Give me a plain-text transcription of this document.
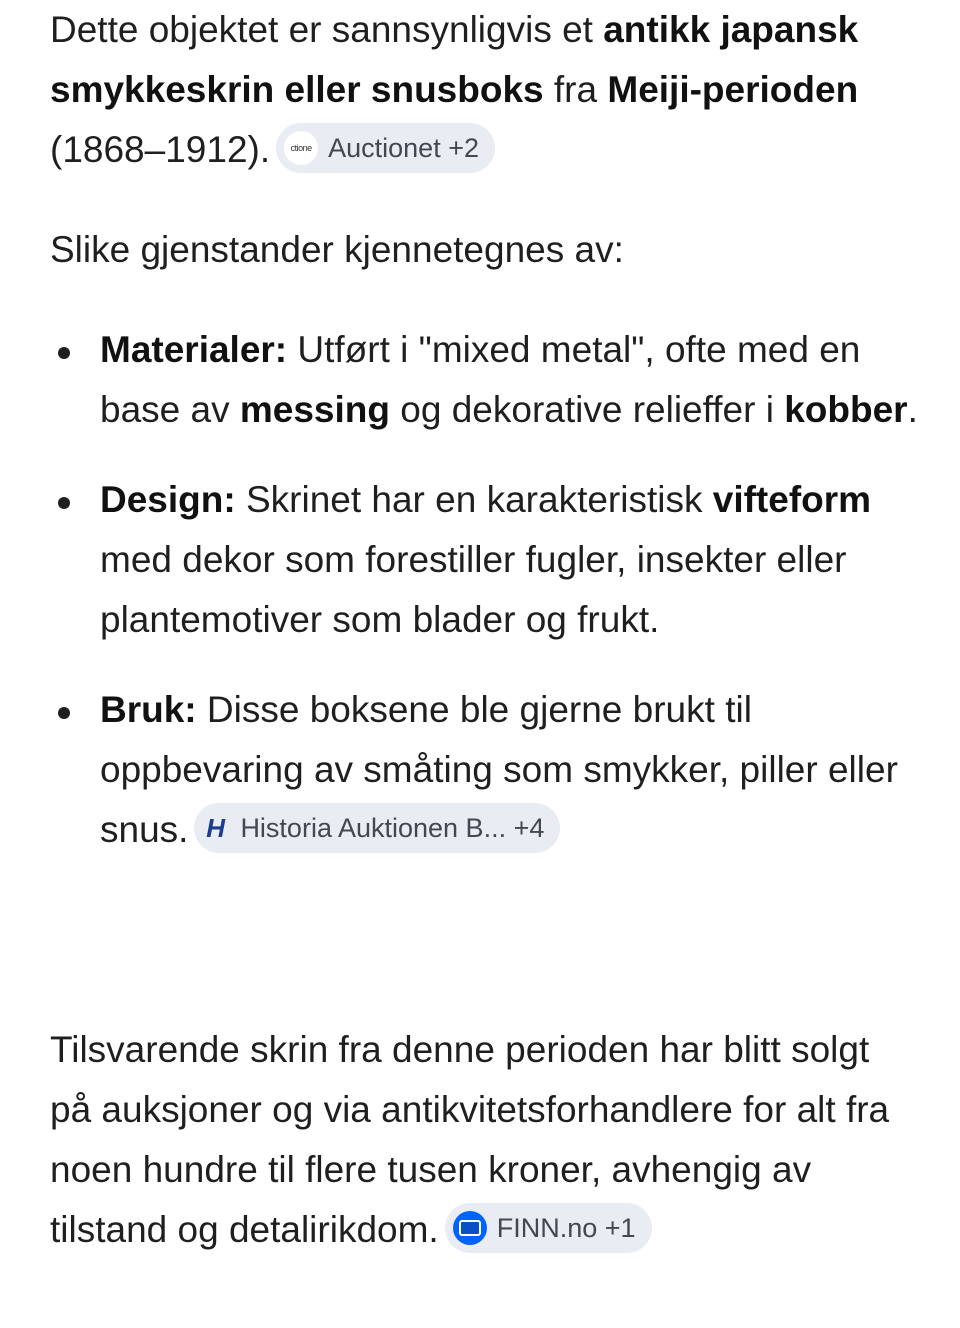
Dette objektet er sannsynligvis et antikk japansk smykkeskrin eller snusboks fra Meiji-perioden (1868–1912).	ctione Auctionet +2

Slike gjenstander kjennetegnes av:

Materialer: Utført i "mixed metal", ofte med en base av messing og dekorative relieffer i kobber.
Design: Skrinet har en karakteristisk vifteform med dekor som forestiller fugler, insekter eller plantemotiver som blader og frukt.
Bruk: Disse boksene ble gjerne brukt til oppbevaring av småting som smykker, piller eller snus. H Historia Auktionen B... +4

Tilsvarende skrin fra denne perioden har blitt solgt på auksjoner og via antikvitetsforhandlere for alt fra noen hundre til flere tusen kroner, avhengig av tilstand og detalirikdom. FINN.no +1
